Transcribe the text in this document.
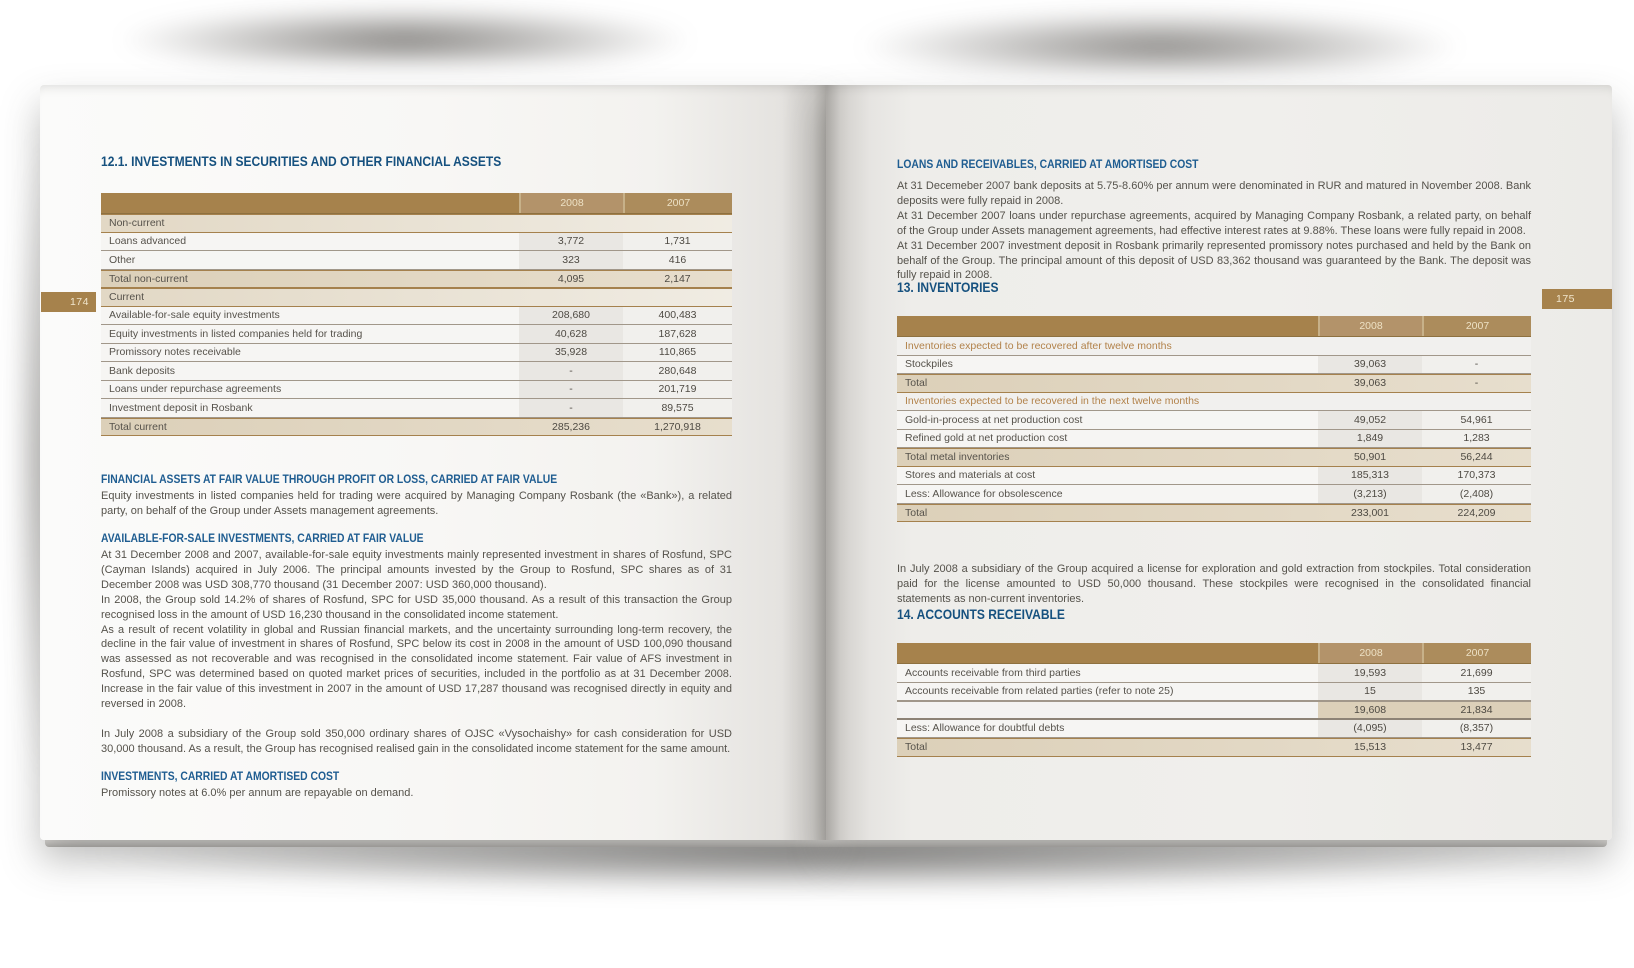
174	175
12.1. INVESTMENTS IN SECURITIES AND OTHER FINANCIAL ASSETS
2008	2007
Non-current
Loans advanced	3,772	1,731
Other	323	416
Total non-current	4,095	2,147
Current
Available-for-sale equity investments	208,680	400,483
Equity investments in listed companies held for trading	40,628	187,628
Promissory notes receivable	35,928	110,865
Bank deposits	-	280,648
Loans under repurchase agreements	-	201,719
Investment deposit in Rosbank	-	89,575
Total current	285,236	1,270,918
FINANCIAL ASSETS AT FAIR VALUE THROUGH PROFIT OR LOSS, CARRIED AT FAIR VALUE

Equity investments in listed companies held for trading were acquired by Managing Company Rosbank (the «Bank»), a related party, on behalf of the Group under Assets management agreements.

AVAILABLE-FOR-SALE INVESTMENTS, CARRIED AT FAIR VALUE

At 31 December 2008 and 2007, available-for-sale equity investments mainly represented investment in shares of Rosfund, SPC (Cayman Islands) acquired in July 2006. The principal amounts invested by the Group to Rosfund, SPC shares as of 31 December 2008 was USD 308,770 thousand (31 December 2007: USD 360,000 thousand).

In 2008, the Group sold 14.2% of shares of Rosfund, SPC for USD 35,000 thousand. As a result of this transaction the Group recognised loss in the amount of USD 16,230 thousand in the consolidated income statement.

As a result of recent volatility in global and Russian financial markets, and the uncertainty surrounding long-term recovery, the decline in the fair value of investment in shares of Rosfund, SPC below its cost in 2008 in the amount of USD 100,090 thousand was assessed as not recoverable and was recognised in the consolidated income statement. Fair value of AFS investment in Rosfund, SPC was determined based on quoted market prices of securities, included in the portfolio as at 31 December 2008. Increase in the fair value of this investment in 2007 in the amount of USD 17,287 thousand was recognised directly in equity and reversed in 2008.

In July 2008 a subsidiary of the Group sold 350,000 ordinary shares of OJSC «Vysochaishy» for cash consideration for USD 30,000 thousand. As a result, the Group has recognised realised gain in the consolidated income statement for the same amount.

INVESTMENTS, CARRIED AT AMORTISED COST

Promissory notes at 6.0% per annum are repayable on demand.

LOANS AND RECEIVABLES, CARRIED AT AMORTISED COST

At 31 Decemeber 2007 bank deposits at 5.75-8.60% per annum were denominated in RUR and matured in November 2008. Bank deposits were fully repaid in 2008.

At 31 December 2007 loans under repurchase agreements, acquired by Managing Company Rosbank, a related party, on behalf of the Group under Assets management agreements, had effective interest rates at 9.88%. These loans were fully repaid in 2008.

At 31 December 2007 investment deposit in Rosbank primarily represented promissory notes purchased and held by the Bank on behalf of the Group. The principal amount of this deposit of USD 83,362 thousand was guaranteed by the Bank. The deposit was fully repaid in 2008.

13. INVENTORIES
2008	2007
Inventories expected to be recovered after twelve months
Stockpiles	39,063	-
Total	39,063	-
Inventories expected to be recovered in the next twelve months
Gold-in-process at net production cost	49,052	54,961
Refined gold at net production cost	1,849	1,283
Total metal inventories	50,901	56,244
Stores and materials at cost	185,313	170,373
Less: Allowance for obsolescence	(3,213)	(2,408)
Total	233,001	224,209

In July 2008 a subsidiary of the Group acquired a license for exploration and gold extraction from stockpiles. Total consideration paid for the license amounted to USD 50,000 thousand. These stockpiles were recognised in the consolidated financial statements as non-current inventories.

14. ACCOUNTS RECEIVABLE
2008	2007
Accounts receivable from third parties	19,593	21,699
Accounts receivable from related parties (refer to note 25)	15	135
19,608	21,834
Less: Allowance for doubtful debts	(4,095)	(8,357)
Total	15,513	13,477
